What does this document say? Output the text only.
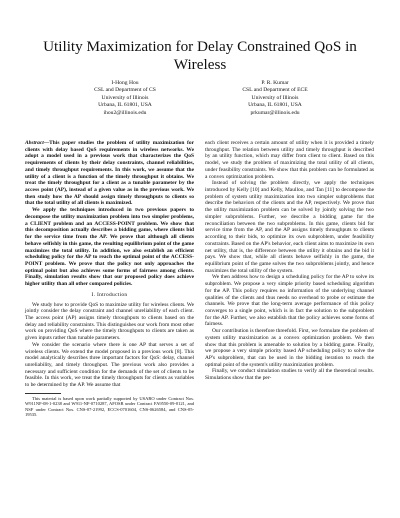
Utility Maximization for Delay Constrained QoS in Wireless
I-Hong Hou
CSL and Department of CS
University of Illinois
Urbana, IL 61801, USA
ihou2@illinois.edu
P. R. Kumar
CSL and Department of ECE
University of Illinois
Urbana, IL 61801, USA
prkumar@illinois.edu

Abstract—This paper studies the problem of utility maximization for clients with delay based QoS requirements in wireless networks. We adopt a model used in a previous work that characterizes the QoS requirements of clients by their delay constraints, channel reliabilities, and timely throughput requirements. In this work, we assume that the utility of a client is a function of the timely throughput it obtains. We treat the timely throughput for a client as a tunable parameter by the access point (AP), instead of a given value as in the previous work. We then study how the AP should assign timely throughputs to clients so that the total utility of all clients is maximized.

We apply the techniques introduced in two previous papers to decompose the utility maximization problem into two simpler problems, a CLIENT problem and an ACCESS-POINT problem. We show that this decomposition actually describes a bidding game, where clients bid for the service time from the AP. We prove that although all clients behave selfishly in this game, the resulting equilibrium point of the game maximizes the total utility. In addition, we also establish an efficient scheduling policy for the AP to reach the optimal point of the ACCESS-POINT problem. We prove that the policy not only approaches the optimal point but also achieves some forms of fairness among clients. Finally, simulation results show that our proposed policy does achieve higher utility than all other compared policies.

I. Introduction

We study how to provide QoS to maximize utility for wireless clients. We jointly consider the delay constraint and channel unreliability of each client. The access point (AP) assigns timely throughputs to clients based on the delay and reliability constraints. This distinguishes our work from most other work on providing QoS where the timely throughputs to clients are taken as given inputs rather than tunable parameters.

We consider the scenario where there is one AP that serves a set of wireless clients. We extend the model proposed in a previous work [8]. This model analytically describes three important factors for QoS: delay, channel unreliability, and timely throughput. The previous work also provides a necessary and sufficient condition for the demands of the set of clients to be feasible. In this work, we treat the timely throughputs for clients as variables to be determined by the AP. We assume that

This material is based upon work partially supported by USARO under Contract Nos. W911NF-08-1-0238 and W911-NF-0710287, AFOSR under Contract FA9550-09-0121, and NSF under Contract Nos. CNS-07-21992, ECCS-0701604, CNS-0626584, and CNS-05-19535.

each client receives a certain amount of utility when it is provided a timely throughput. The relation between utility and timely throughput is described by an utility function, which may differ from client to client. Based on this model, we study the problem of maximizing the total utility of all clients, under feasibility constraints. We show that this problem can be formulated as a convex optimization problem.

Instead of solving the problem directly, we apply the techniques introduced by Kelly [10] and Kelly, Maulloo, and Tan [11] to decompose the problem of system utility maximization into two simpler subproblems that describe the behaviors of the clients and the AP, respectively. We prove that the utility maximization problem can be solved by jointly solving the two simpler subproblems. Further, we describe a bidding game for the reconciliation between the two subproblems. In this game, clients bid for service time from the AP, and the AP assigns timely throughputs to clients according to their bids, to optimize its own subproblem, under feasibility constraints. Based on the AP's behavior, each client aims to maximize its own net utility, that is, the difference between the utility it obtains and the bid it pays. We show that, while all clients behave selfishly in the game, the equilibrium point of the game solves the two subproblems jointly, and hence maximizes the total utility of the system.

We then address how to design a scheduling policy for the AP to solve its subproblem. We propose a very simple priority based scheduling algorithm for the AP. This policy requires no information of the underlying channel qualities of the clients and thus needs no overhead to probe or estimate the channels. We prove that the long-term average performance of this policy converges to a single point, which is in fact the solution to the subproblem for the AP. Further, we also establish that the policy achieves some forms of fairness.

Our contribution is therefore threefold. First, we formulate the problem of system utility maximization as a convex optimization problem. We then show that this problem is amenable to solution by a bidding game. Finally, we propose a very simple priority based AP scheduling policy to solve the AP's subproblem, that can be used in the bidding iteration to reach the optimal point of the system's utility maximization problem.

Finally, we conduct simulation studies to verify all the theoretical results. Simulations show that the per-
